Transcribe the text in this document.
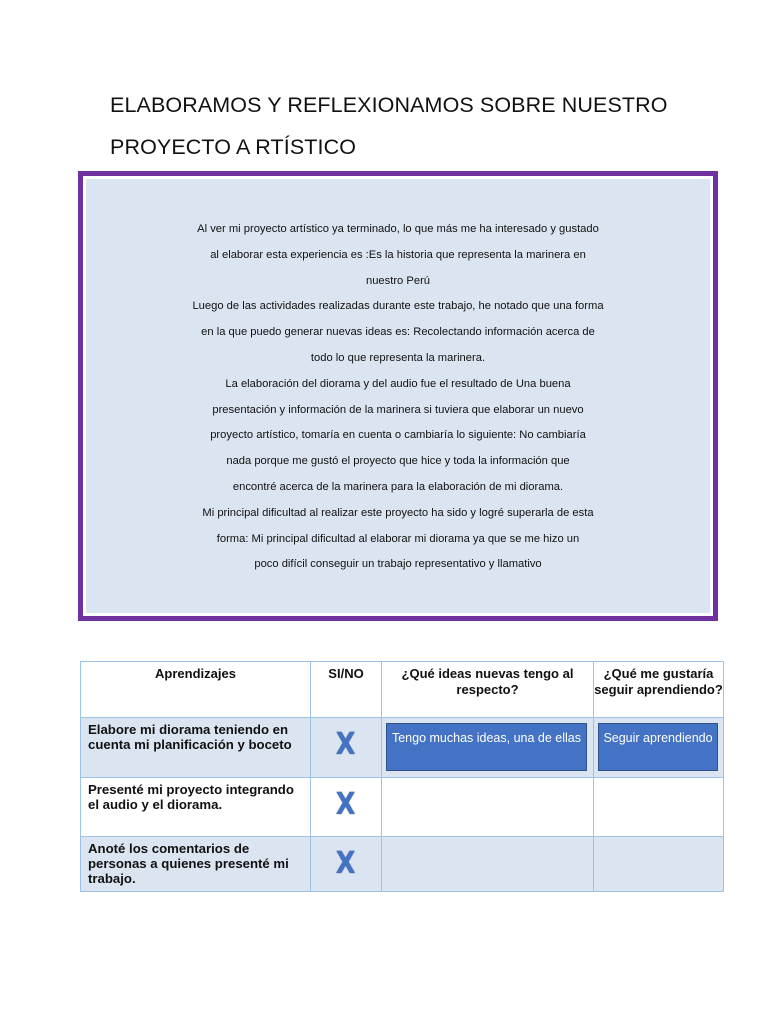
ELABORAMOS Y REFLEXIONAMOS SOBRE NUESTRO
PROYECTO A RTÍSTICO
Al ver mi proyecto artístico ya terminado, lo que más me ha interesado y gustado
al elaborar esta experiencia es :Es la historia que representa la marinera en
nuestro Perú
Luego de las actividades realizadas durante este trabajo, he notado que una forma
en la que puedo generar nuevas ideas es: Recolectando información acerca de
todo lo que representa la marinera.
La elaboración del diorama y del audio fue el resultado de Una buena
presentación y información de la marinera si tuviera que elaborar un nuevo
proyecto artístico, tomaría en cuenta o cambiaría lo siguiente: No cambiaría
nada porque me gustó el proyecto que hice y toda la información que
encontré acerca de la marinera para la elaboración de mi diorama.
Mi principal dificultad al realizar este proyecto ha sido y logré superarla de esta
forma: Mi principal dificultad al elaborar mi diorama ya que se me hizo un
poco difícil conseguir un trabajo representativo y llamativo
Aprendizajes	SI/NO	¿Qué ideas nuevas tengo al respecto?	¿Qué me gustaría seguir aprendiendo?

Elabore mi diorama teniendo en cuenta mi planificación y boceto	X	Tengo muchas ideas, una de ellas	Seguir aprendiendo

Presenté mi proyecto integrando el audio y el diorama.	X		

Anoté los comentarios de personas a quienes presenté mi trabajo.	X		
